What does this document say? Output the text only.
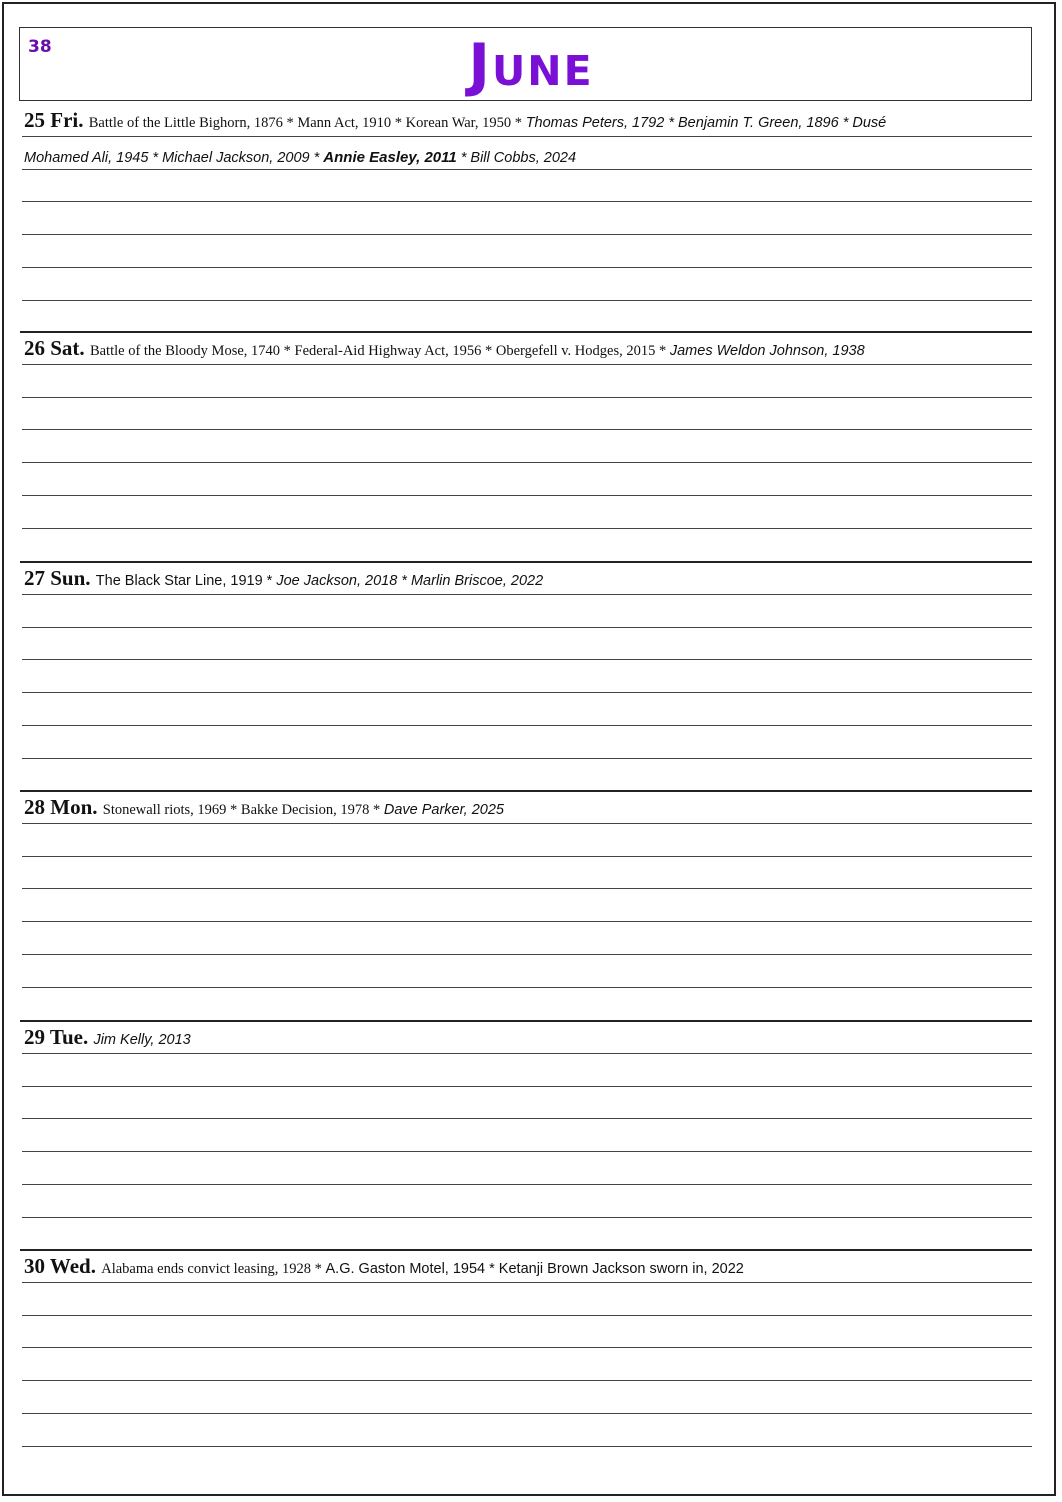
38	June
25 Fri. Battle of the Little Bighorn, 1876 * Mann Act, 1910 * Korean War, 1950 * Thomas Peters, 1792 * Benjamin T. Green, 1896 * Dusé
Mohamed Ali, 1945 * Michael Jackson, 2009 * Annie Easley, 2011 * Bill Cobbs, 2024
26 Sat. Battle of the Bloody Mose, 1740 * Federal-Aid Highway Act, 1956 * Obergefell v. Hodges, 2015 * James Weldon Johnson, 1938
27 Sun. The Black Star Line, 1919 * Joe Jackson, 2018 * Marlin Briscoe, 2022
28 Mon. Stonewall riots, 1969 * Bakke Decision, 1978 * Dave Parker, 2025
29 Tue. Jim Kelly, 2013
30 Wed. Alabama ends convict leasing, 1928 * A.G. Gaston Motel, 1954 * Ketanji Brown Jackson sworn in, 2022
